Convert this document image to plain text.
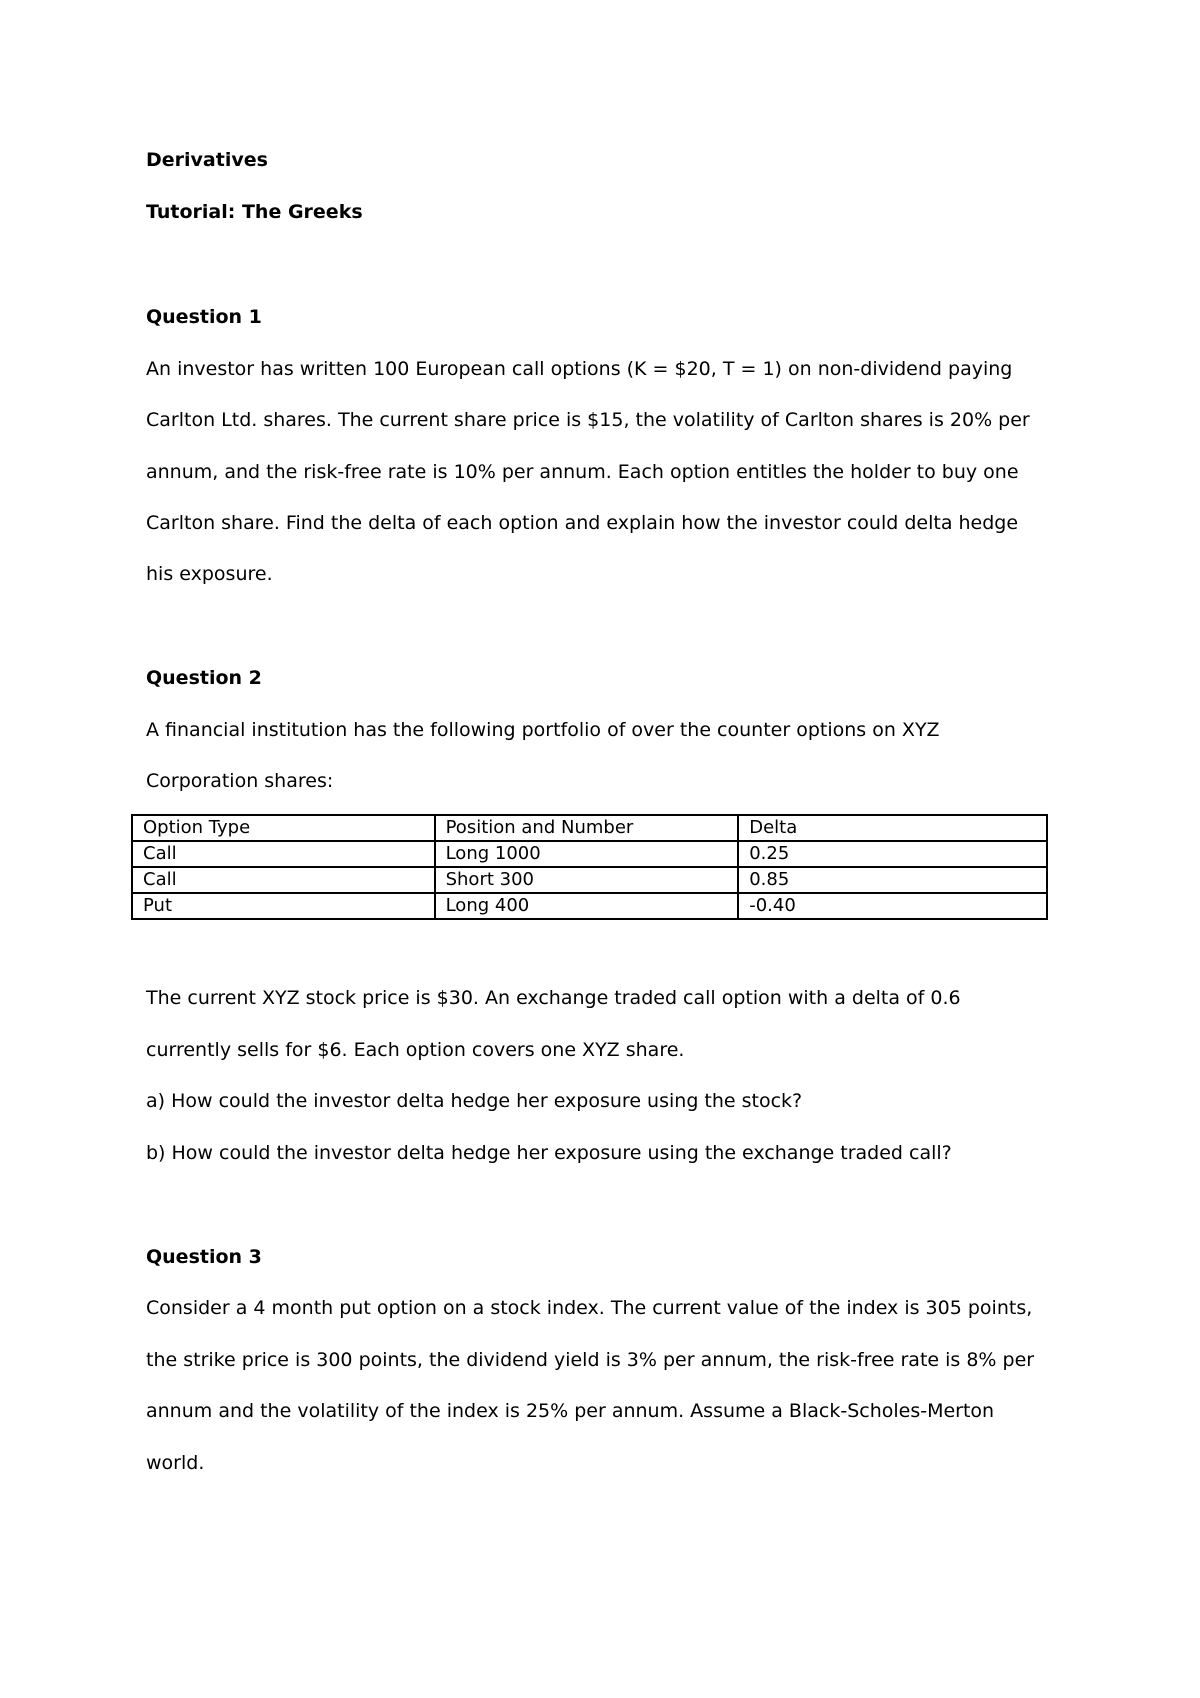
Derivatives
Tutorial: The Greeks
Question 1
An investor has written 100 European call options (K = $20, T = 1) on non-dividend paying
Carlton Ltd. shares. The current share price is $15, the volatility of Carlton shares is 20% per
annum, and the risk-free rate is 10% per annum. Each option entitles the holder to buy one
Carlton share. Find the delta of each option and explain how the investor could delta hedge
his exposure.
Question 2
A financial institution has the following portfolio of over the counter options on XYZ
Corporation shares:
Option Type	Position and Number	Delta
Call	Long 1000	0.25
Call	Short 300	0.85
Put	Long 400	-0.40
The current XYZ stock price is $30. An exchange traded call option with a delta of 0.6
currently sells for $6. Each option covers one XYZ share.
a) How could the investor delta hedge her exposure using the stock?
b) How could the investor delta hedge her exposure using the exchange traded call?
Question 3
Consider a 4 month put option on a stock index. The current value of the index is 305 points,
the strike price is 300 points, the dividend yield is 3% per annum, the risk-free rate is 8% per
annum and the volatility of the index is 25% per annum. Assume a Black-Scholes-Merton
world.
